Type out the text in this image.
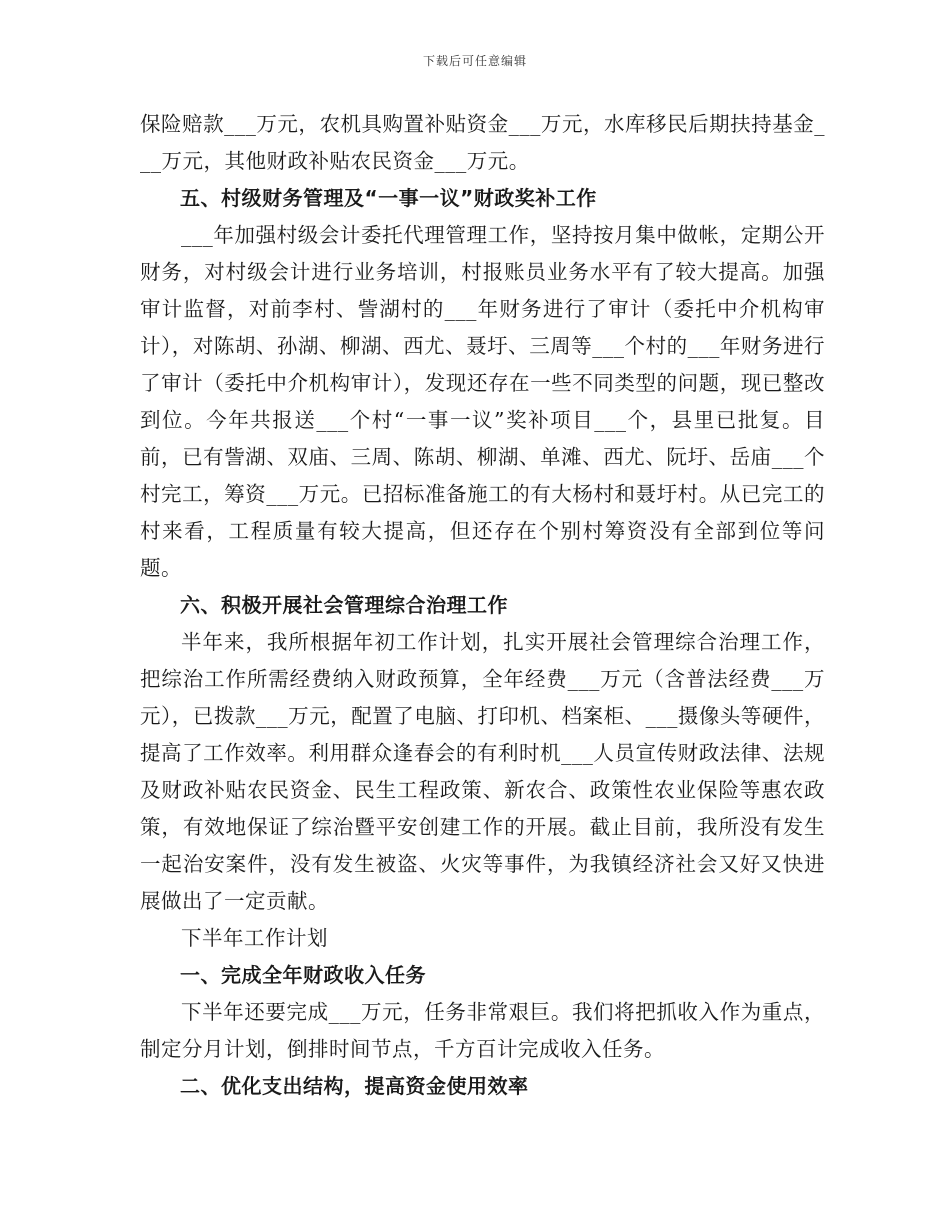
下载后可任意编辑

保险赔款___万元，农机具购置补贴资金___万元，水库移民后期扶持基金___万元，其他财政补贴农民资金___万元。

五、村级财务管理及“一事一议”财政奖补工作

___年加强村级会计委托代理管理工作，坚持按月集中做帐，定期公开财务，对村级会计进行业务培训，村报账员业务水平有了较大提高。加强审计监督，对前李村、訾湖村的___年财务进行了审计（委托中介机构审计），对陈胡、孙湖、柳湖、西尤、聂圩、三周等___个村的___年财务进行了审计（委托中介机构审计），发现还存在一些不同类型的问题，现已整改到位。今年共报送___个村“一事一议”奖补项目___个，县里已批复。目前，已有訾湖、双庙、三周、陈胡、柳湖、单滩、西尤、阮圩、岳庙___个村完工，筹资___万元。已招标准备施工的有大杨村和聂圩村。从已完工的村来看，工程质量有较大提高，但还存在个别村筹资没有全部到位等问题。

六、积极开展社会管理综合治理工作

半年来，我所根据年初工作计划，扎实开展社会管理综合治理工作，把综治工作所需经费纳入财政预算，全年经费___万元（含普法经费___万元），已拨款___万元，配置了电脑、打印机、档案柜、___摄像头等硬件，提高了工作效率。利用群众逢春会的有利时机___人员宣传财政法律、法规及财政补贴农民资金、民生工程政策、新农合、政策性农业保险等惠农政策，有效地保证了综治暨平安创建工作的开展。截止目前，我所没有发生一起治安案件，没有发生被盗、火灾等事件，为我镇经济社会又好又快进展做出了一定贡献。

下半年工作计划

一、完成全年财政收入任务

下半年还要完成___万元，任务非常艰巨。我们将把抓收入作为重点，制定分月计划，倒排时间节点，千方百计完成收入任务。

二、优化支出结构，提高资金使用效率
